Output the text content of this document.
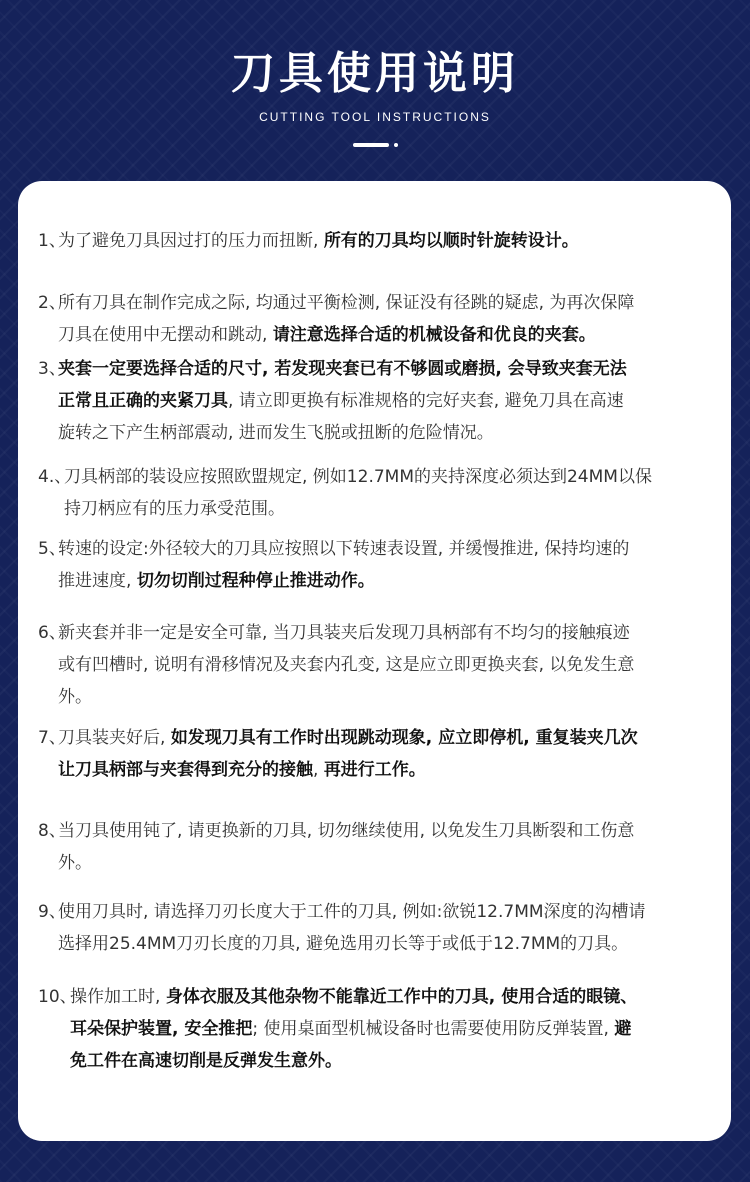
刀具使用说明
CUTTING TOOL INSTRUCTIONS
1、
为了避免刀具因过打的压力而扭断, 所有的刀具均以顺时针旋转设计。
2、
所有刀具在制作完成之际, 均通过平衡检测, 保证没有径跳的疑虑, 为再次保障
刀具在使用中无摆动和跳动, 请注意选择合适的机械设备和优良的夹套。
3、
夹套一定要选择合适的尺寸, 若发现夹套已有不够圆或磨损, 会导致夹套无法
正常且正确的夹紧刀具, 请立即更换有标准规格的完好夹套, 避免刀具在高速
旋转之下产生柄部震动, 进而发生飞脱或扭断的危险情况。
4.、
刀具柄部的装设应按照欧盟规定, 例如12.7MM的夹持深度必须达到24MM以保
持刀柄应有的压力承受范围。
5、
转速的设定:外径较大的刀具应按照以下转速表设置, 并缓慢推进, 保持均速的
推进速度, 切勿切削过程种停止推进动作。
6、
新夹套并非一定是安全可靠, 当刀具装夹后发现刀具柄部有不均匀的接触痕迹
或有凹槽时, 说明有滑移情况及夹套内孔变, 这是应立即更换夹套, 以免发生意
外。
7、
刀具装夹好后, 如发现刀具有工作时出现跳动现象, 应立即停机, 重复装夹几次
让刀具柄部与夹套得到充分的接触, 再进行工作。
8、
当刀具使用钝了, 请更换新的刀具, 切勿继续使用, 以免发生刀具断裂和工伤意
外。
9、
使用刀具时, 请选择刀刃长度大于工件的刀具, 例如:欲锐12.7MM深度的沟槽请
选择用25.4MM刀刃长度的刀具, 避免选用刃长等于或低于12.7MM的刀具。
10、
操作加工时, 身体衣服及其他杂物不能靠近工作中的刀具, 使用合适的眼镜、
耳朵保护装置, 安全推把; 使用桌面型机械设备时也需要使用防反弹装置, 避
免工件在高速切削是反弹发生意外。
